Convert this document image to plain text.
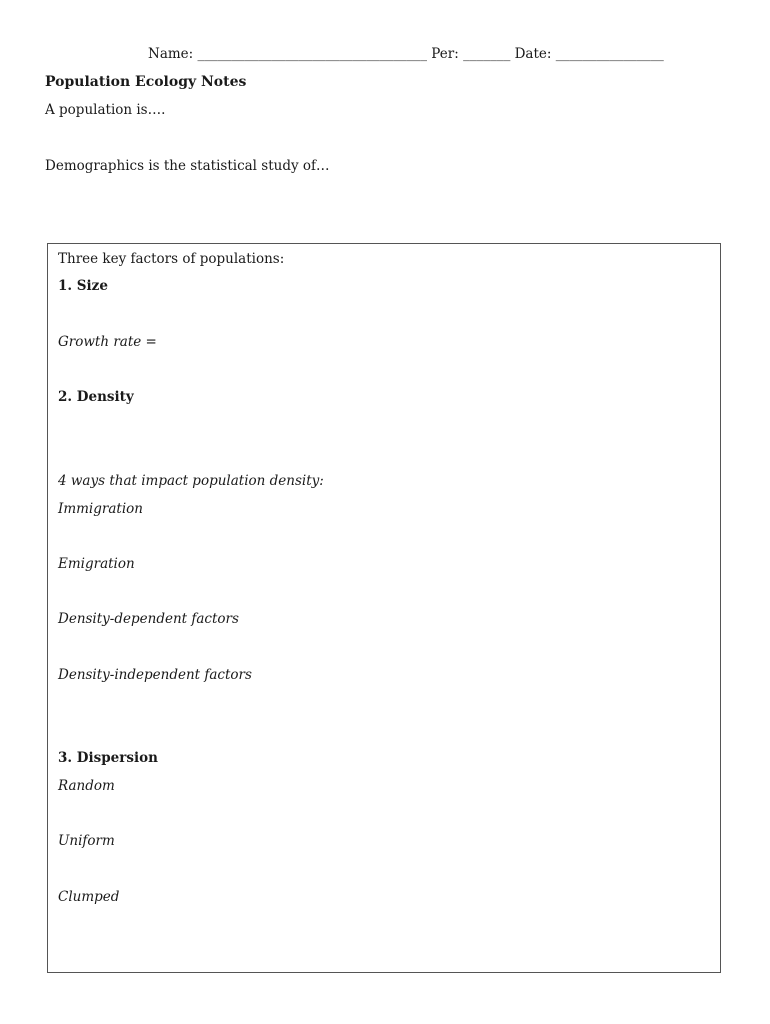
Name: __________________________________ Per: _______ Date: ________________
Population Ecology Notes
A population is….
Demographics is the statistical study of…
Three key factors of populations:
1. Size
Growth rate =
2. Density
4 ways that impact population density:
Immigration
Emigration
Density-dependent factors
Density-independent factors
3. Dispersion
Random
Uniform
Clumped
